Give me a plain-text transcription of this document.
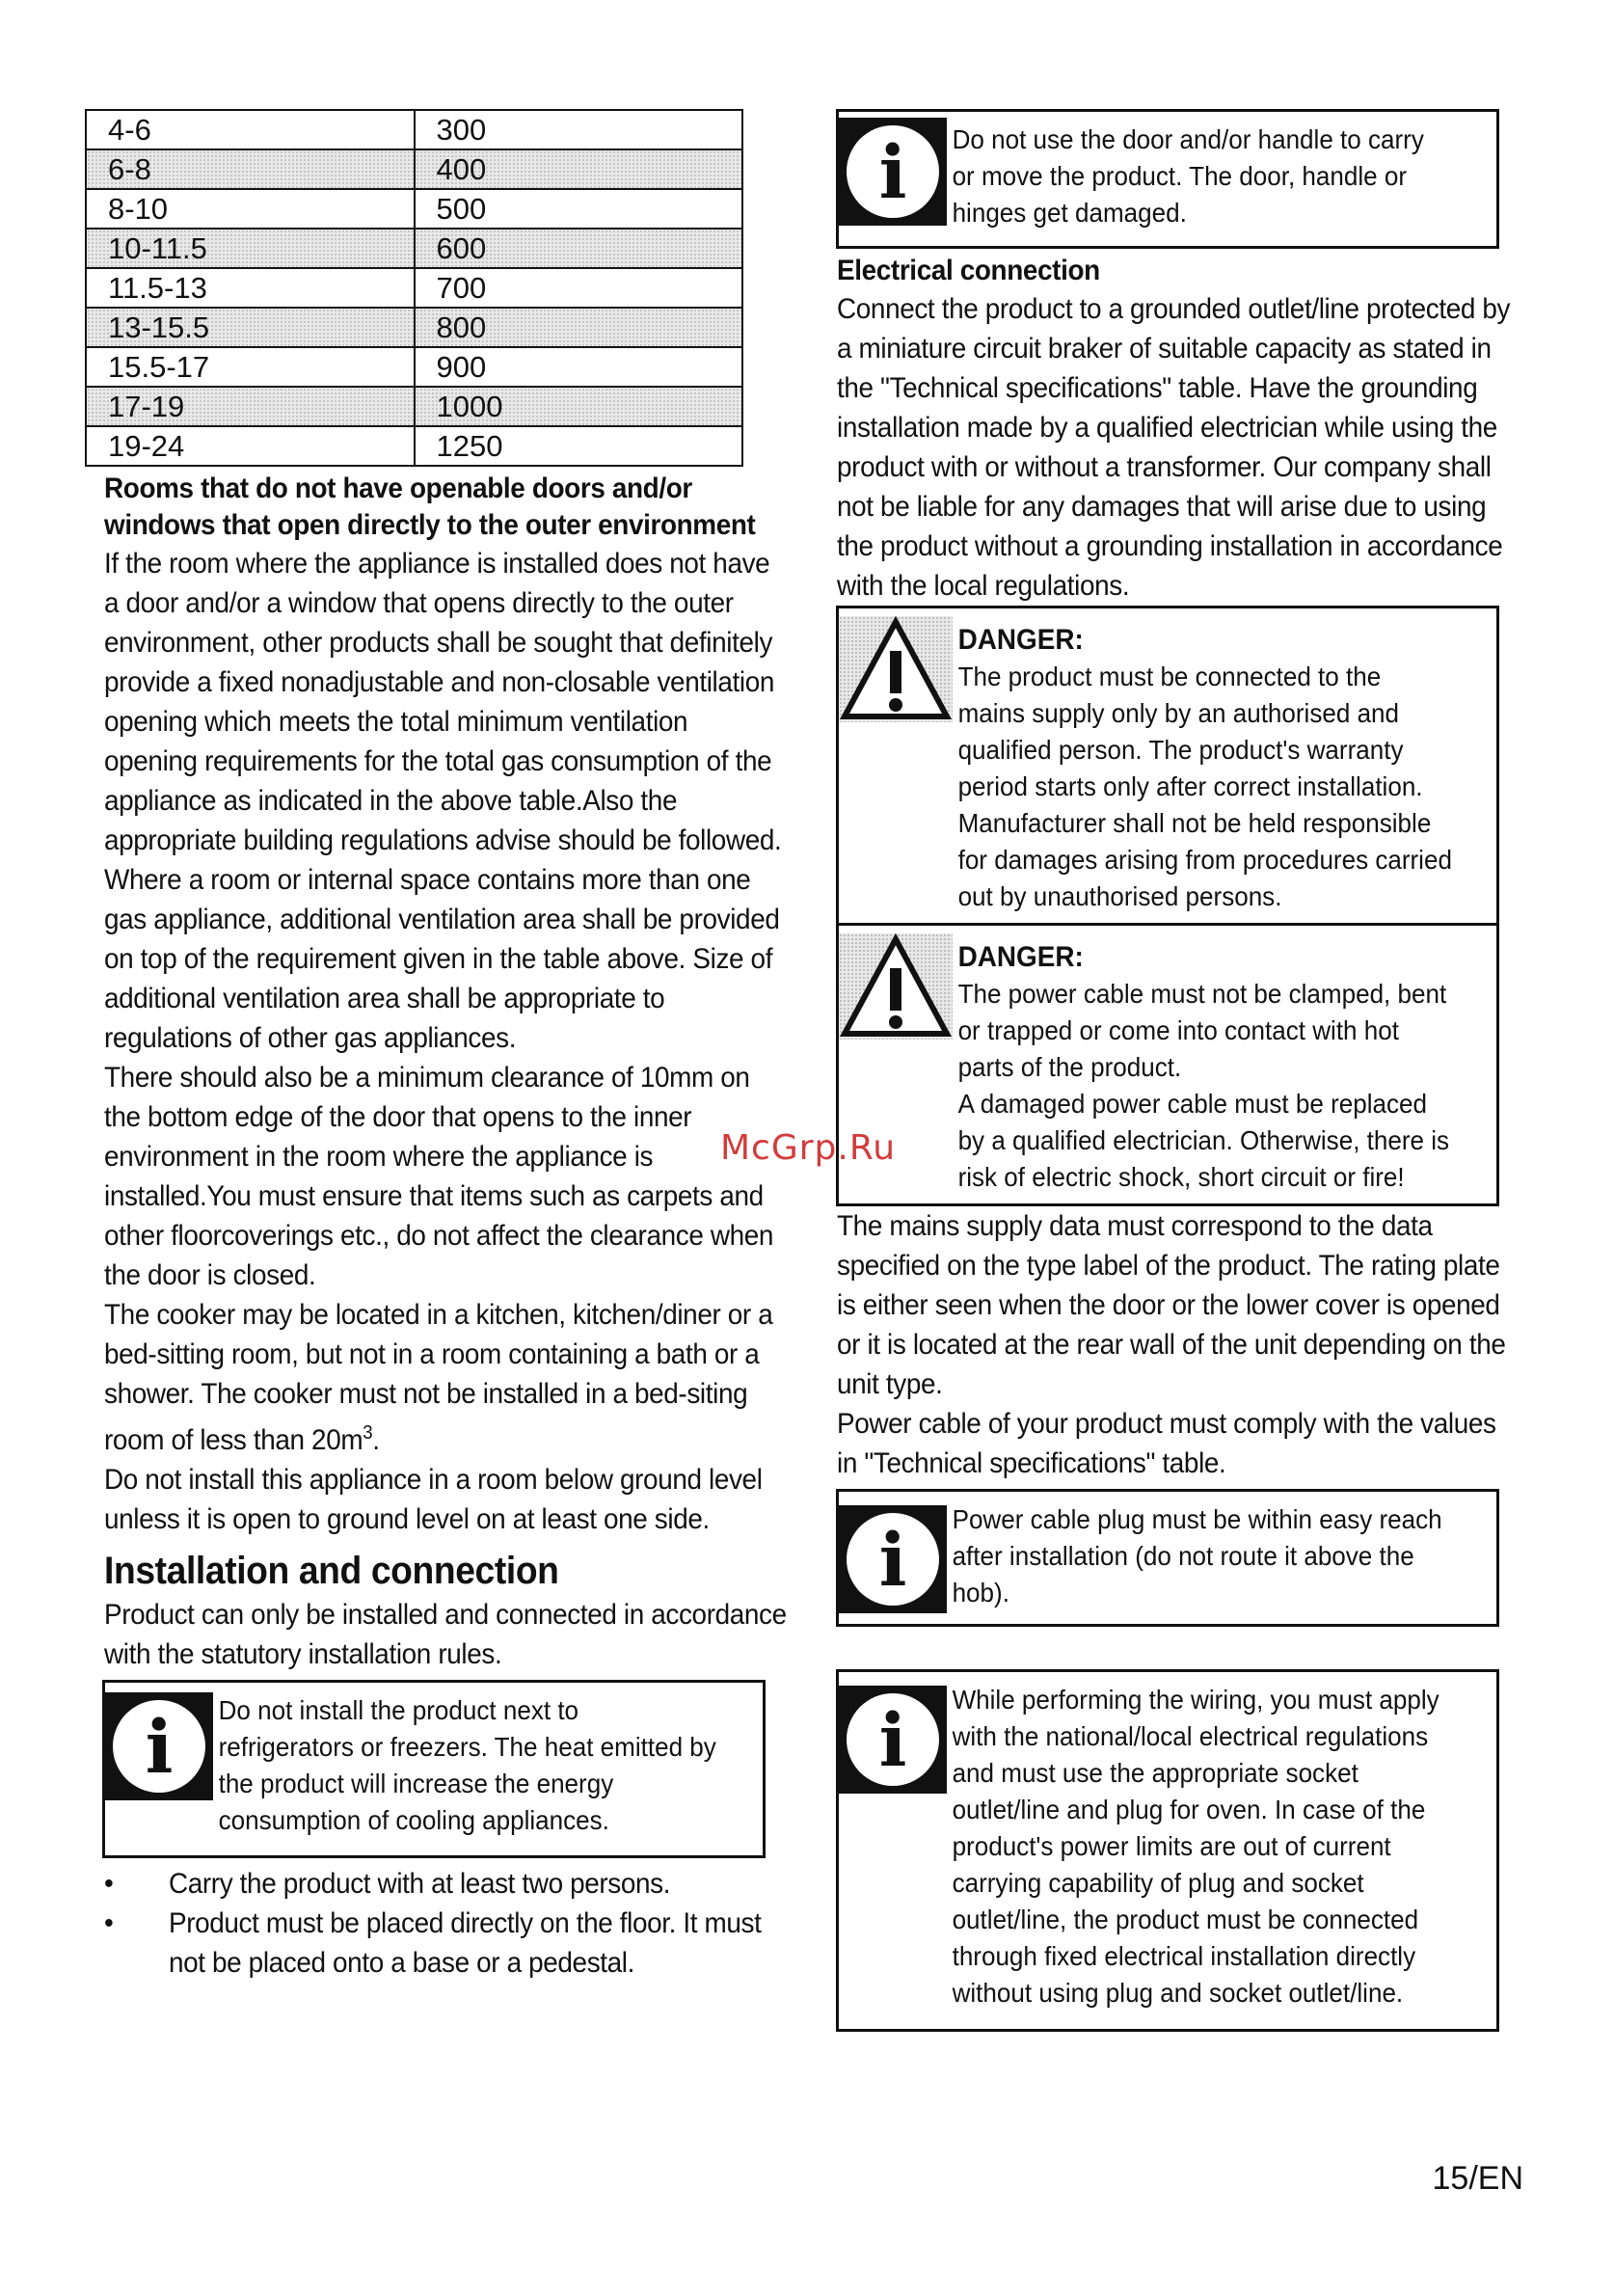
4-6	300
6-8	400
8-10	500
10-11.5	600
11.5-13	700
13-15.5	800
15.5-17	900
17-19	1000
19-24	1250
Rooms that do not have openable doors and/or windows that open directly to the outer environment
If the room where the appliance is installed does not have a door and/or a window that opens directly to the outer environment, other products shall be sought that definitely provide a fixed nonadjustable and non-closable ventilation opening which meets the total minimum ventilation opening requirements for the total gas consumption of the appliance as indicated in the above table.Also the appropriate building regulations advise should be followed.
Where a room or internal space contains more than one gas appliance, additional ventilation area shall be provided on top of the requirement given in the table above. Size of additional ventilation area shall be appropriate to regulations of other gas appliances.
There should also be a minimum clearance of 10mm on the bottom edge of the door that opens to the inner environment in the room where the appliance is installed.You must ensure that items such as carpets and other floorcoverings etc., do not affect the clearance when the door is closed.
The cooker may be located in a kitchen, kitchen/diner or a bed-sitting room, but not in a room containing a bath or a shower. The cooker must not be installed in a bed-siting room of less than $20m^3$.
Do not install this appliance in a room below ground level unless it is open to ground level on at least one side.
Installation and connection
Product can only be installed and connected in accordance with the statutory installation rules.
i	Do not install the product next to refrigerators or freezers. The heat emitted by the product will increase the energy consumption of cooling appliances.
• Carry the product with at least two persons.
• Product must be placed directly on the floor. It must not be placed onto a base or a pedestal.
i	Do not use the door and/or handle to carry or move the product. The door, handle or hinges get damaged.
Electrical connection
Connect the product to a grounded outlet/line protected by a miniature circuit braker of suitable capacity as stated in the "Technical specifications" table. Have the grounding installation made by a qualified electrician while using the product with or without a transformer. Our company shall not be liable for any damages that will arise due to using the product without a grounding installation in accordance with the local regulations.
DANGER:
The product must be connected to the mains supply only by an authorised and qualified person. The product's warranty period starts only after correct installation.
Manufacturer shall not be held responsible for damages arising from procedures carried out by unauthorised persons.
DANGER:
The power cable must not be clamped, bent or trapped or come into contact with hot parts of the product.
A damaged power cable must be replaced by a qualified electrician. Otherwise, there is risk of electric shock, short circuit or fire!
The mains supply data must correspond to the data specified on the type label of the product. The rating plate is either seen when the door or the lower cover is opened or it is located at the rear wall of the unit depending on the unit type.
Power cable of your product must comply with the values in "Technical specifications" table.
i	Power cable plug must be within easy reach after installation (do not route it above the hob).
i	While performing the wiring, you must apply with the national/local electrical regulations and must use the appropriate socket outlet/line and plug for oven. In case of the product's power limits are out of current carrying capability of plug and socket outlet/line, the product must be connected through fixed electrical installation directly without using plug and socket outlet/line.
McGrp.Ru
15/EN
